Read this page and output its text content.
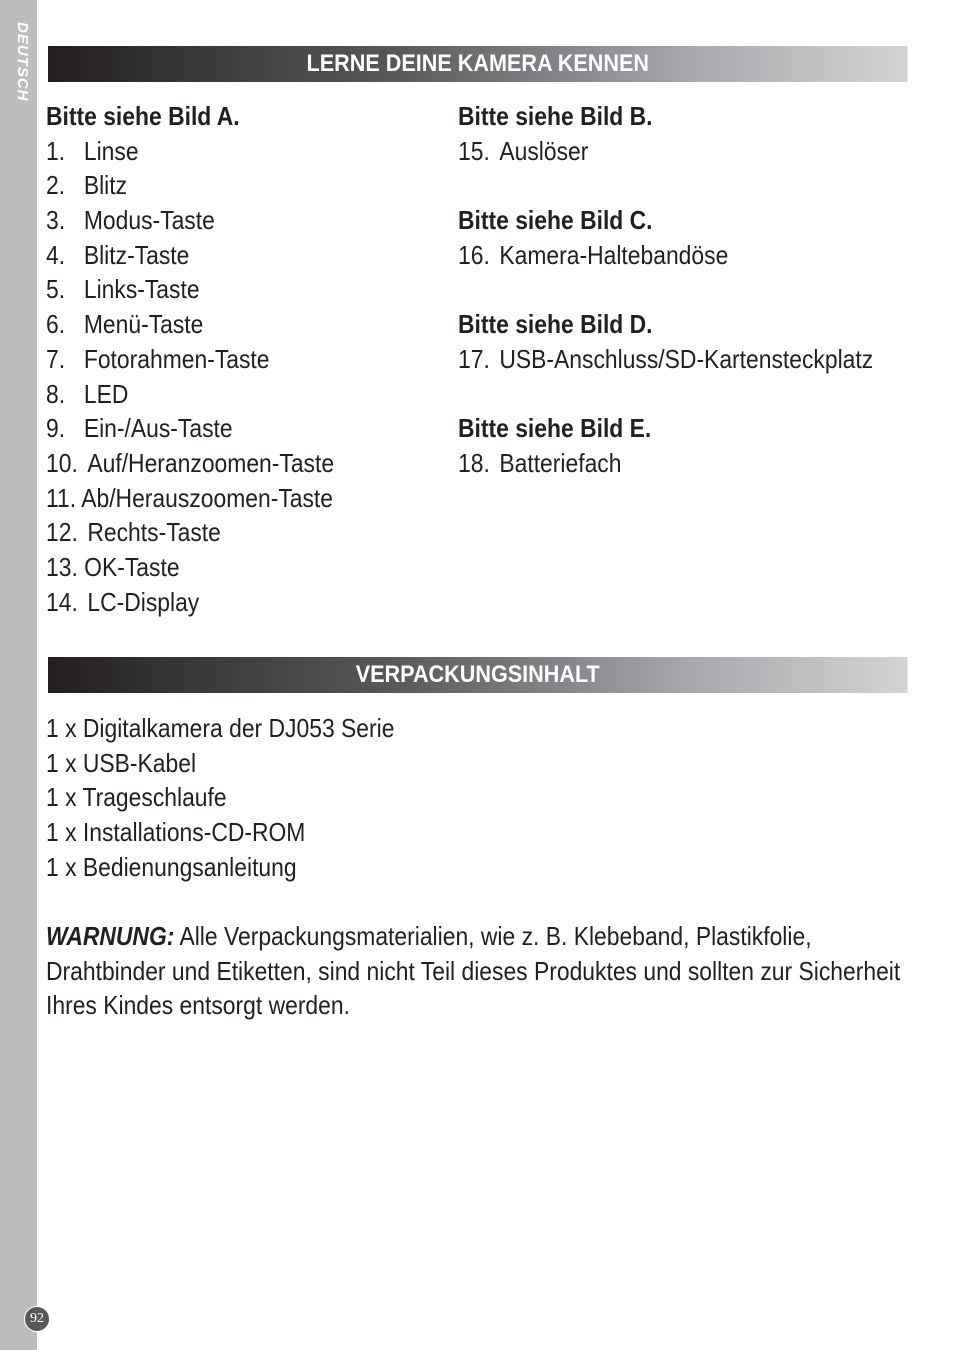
DEUTSCH
92
LERNE DEINE KAMERA KENNEN
Bitte siehe Bild A.
1. Linse
2. Blitz
3. Modus-Taste
4. Blitz-Taste
5. Links-Taste
6. Menü-Taste
7. Fotorahmen-Taste
8. LED
9. Ein-/Aus-Taste
10. Auf/Heranzoomen-Taste
11. Ab/Herauszoomen-Taste
12. Rechts-Taste
13. OK-Taste
14. LC-Display
Bitte siehe Bild B.
15. Auslöser
Bitte siehe Bild C.
16. Kamera-Haltebandöse
Bitte siehe Bild D.
17. USB-Anschluss/SD-Kartensteckplatz
Bitte siehe Bild E.
18. Batteriefach
VERPACKUNGSINHALT
1 x Digitalkamera der DJ053 Serie
1 x USB-Kabel
1 x Trageschlaufe
1 x Installations-CD-ROM
1 x Bedienungsanleitung
WARNUNG: Alle Verpackungsmaterialien, wie z. B. Klebeband, Plastikfolie, Drahtbinder und Etiketten, sind nicht Teil dieses Produktes und sollten zur Sicherheit Ihres Kindes entsorgt werden.
